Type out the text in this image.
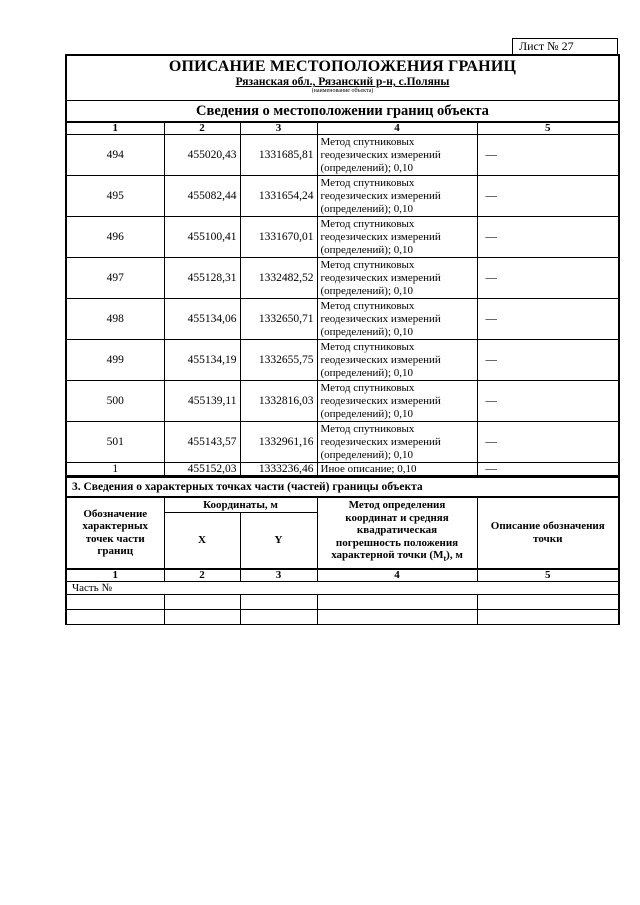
Лист № 27
ОПИСАНИЕ МЕСТОПОЛОЖЕНИЯ ГРАНИЦ
Рязанская обл., Рязанский р-н, с.Поляны
(наименование объекта)
Сведения о местоположении границ объекта
1	2	3	4	5
494	455020,43	1331685,81	Метод спутниковых
геодезических измерений
(определений); 0,10	—
495	455082,44	1331654,24	Метод спутниковых
геодезических измерений
(определений); 0,10	—
496	455100,41	1331670,01	Метод спутниковых
геодезических измерений
(определений); 0,10	—
497	455128,31	1332482,52	Метод спутниковых
геодезических измерений
(определений); 0,10	—
498	455134,06	1332650,71	Метод спутниковых
геодезических измерений
(определений); 0,10	—
499	455134,19	1332655,75	Метод спутниковых
геодезических измерений
(определений); 0,10	—
500	455139,11	1332816,03	Метод спутниковых
геодезических измерений
(определений); 0,10	—
501	455143,57	1332961,16	Метод спутниковых
геодезических измерений
(определений); 0,10	—
1	455152,03	1333236,46	Иное описание; 0,10	—
3. Сведения о характерных точках части (частей) границы объекта
Обозначение
характерных
точек части
границ	Координаты, м		Метод определения
координат и средняя
квадратическая
погрешность положения
характерной точки $(M_t)$, м	Описание обозначения
точки
	X	Y		
1	2	3	4	5
Часть №				
